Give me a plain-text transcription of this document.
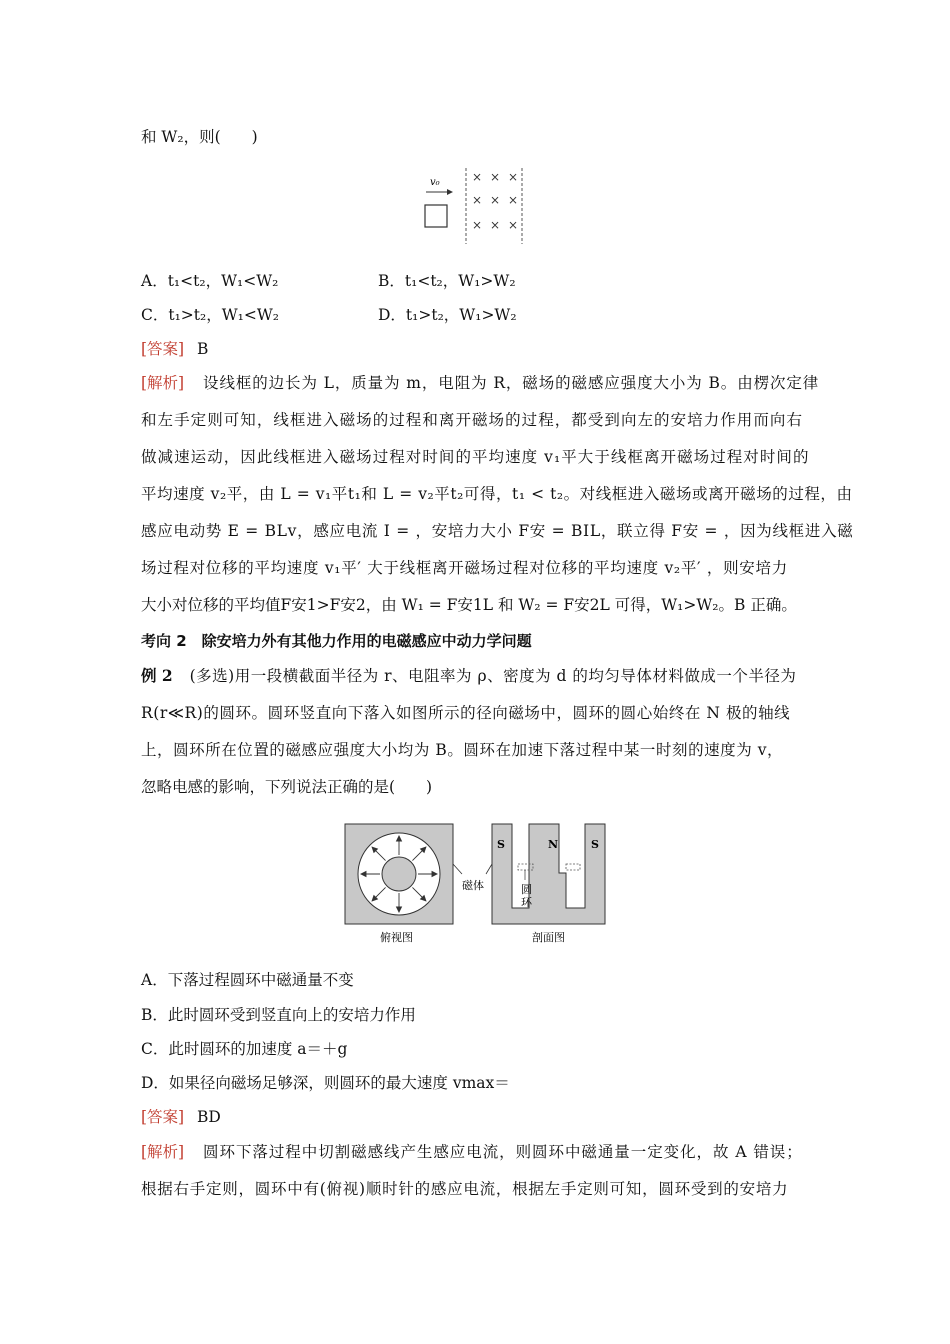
和 W₂，则(　　)
v₀	× × ×
× × ×
× × ×
A．t₁<t₂，W₁<W₂	B．t₁<t₂，W₁>W₂
C．t₁>t₂，W₁<W₂	D．t₁>t₂，W₁>W₂
[答案] B
[解析] 设线框的边长为 L，质量为 m，电阻为 R，磁场的磁感应强度大小为 B。由楞次定律
和左手定则可知，线框进入磁场的过程和离开磁场的过程，都受到向左的安培力作用而向右
做减速运动，因此线框进入磁场过程对时间的平均速度 v₁平大于线框离开磁场过程对时间的
平均速度 v₂平，由 L = v₁平t₁和 L = v₂平t₂可得，t₁ < t₂。对线框进入磁场或离开磁场的过程，由
感应电动势 E = BLv，感应电流 I = ，安培力大小 F安 = BIL，联立得 F安 = ，因为线框进入磁
场过程对位移的平均速度 v₁平′ 大于线框离开磁场过程对位移的平均速度 v₂平′ ，则安培力
大小对位移的平均值F安1>F安2，由 W₁ = F安1L 和 W₂ = F安2L 可得，W₁>W₂。B 正确。
考向 2　除安培力外有其他力作用的电磁感应中动力学问题
例 2 (多选)用一段横截面半径为 r、电阻率为 ρ、密度为 d 的均匀导体材料做成一个半径为
R(r≪R)的圆环。圆环竖直向下落入如图所示的径向磁场中，圆环的圆心始终在 N 极的轴线
上，圆环所在位置的磁感应强度大小均为 B。圆环在加速下落过程中某一时刻的速度为 v，
忽略电感的影响，下列说法正确的是(　　)
S	N	S
磁体	圆
环
俯视图	剖面图
A．下落过程圆环中磁通量不变
B．此时圆环受到竖直向上的安培力作用
C．此时圆环的加速度 a＝＋g
D．如果径向磁场足够深，则圆环的最大速度 vmax＝
[答案] BD
[解析] 圆环下落过程中切割磁感线产生感应电流，则圆环中磁通量一定变化，故 A 错误；
根据右手定则，圆环中有(俯视)顺时针的感应电流，根据左手定则可知，圆环受到的安培力
